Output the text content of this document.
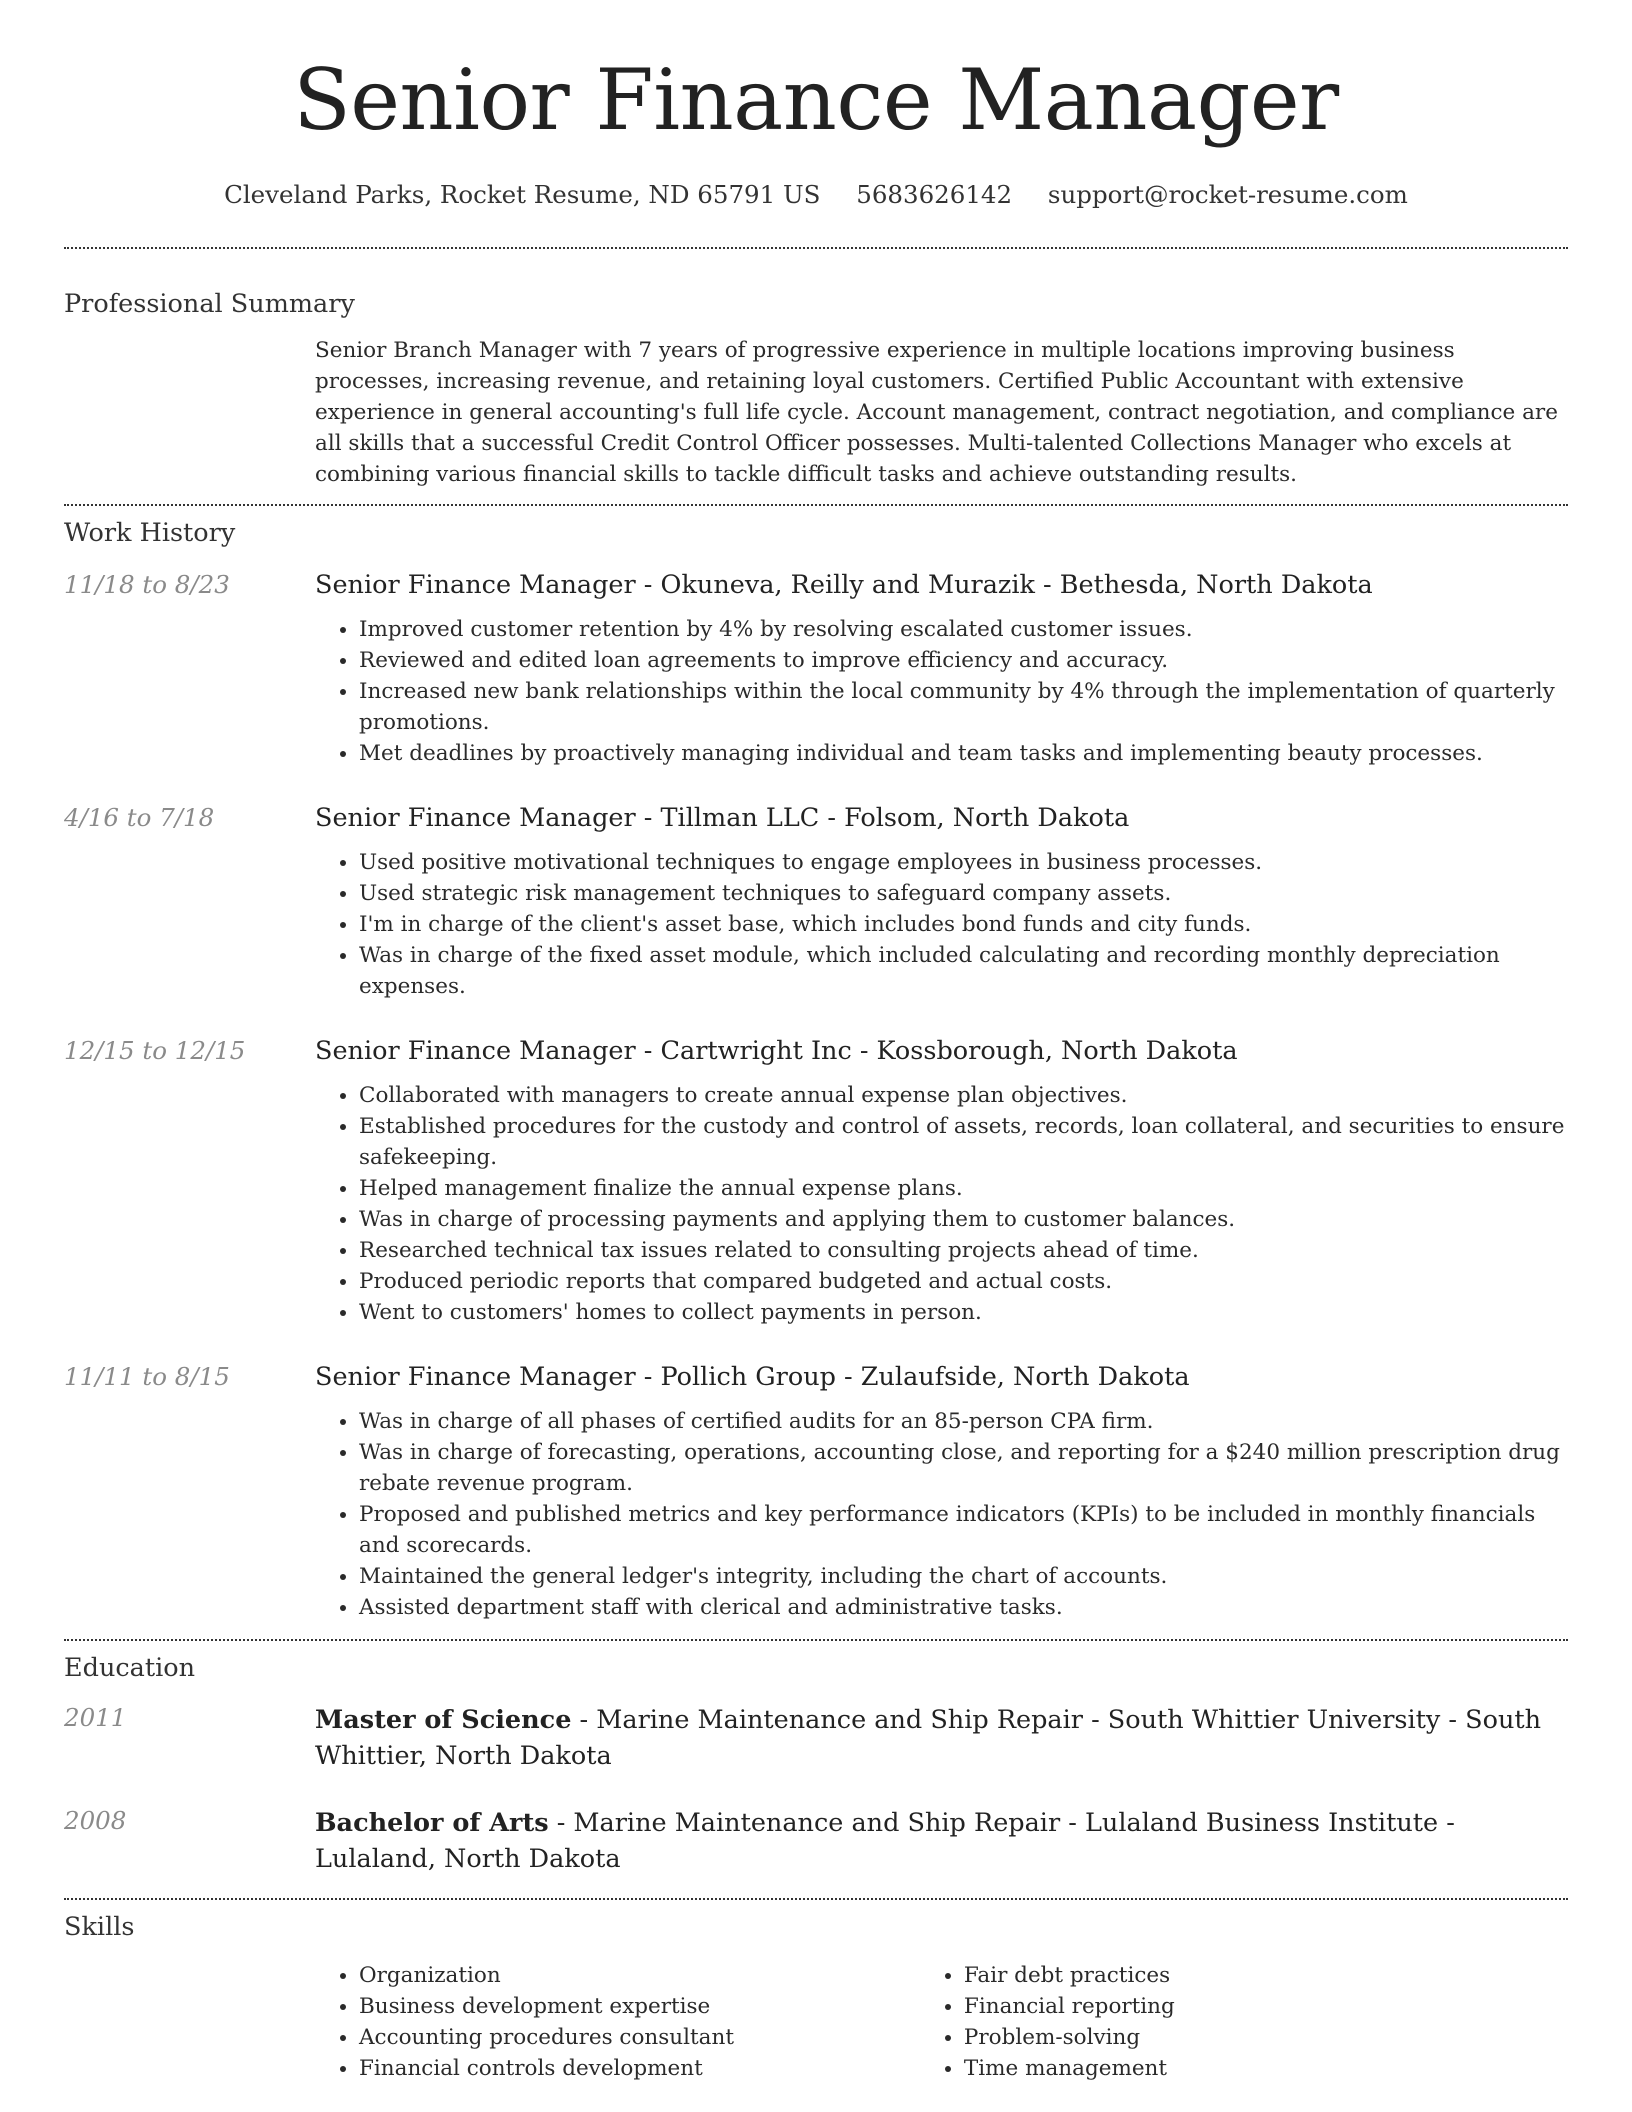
Senior Finance Manager
Cleveland Parks, Rocket Resume, ND 65791 US 5683626142 support@rocket-resume.com
Professional Summary

Senior Branch Manager with 7 years of progressive experience in multiple locations improving business processes, increasing revenue, and retaining loyal customers. Certified Public Accountant with extensive experience in general accounting's full life cycle. Account management, contract negotiation, and compliance are all skills that a successful Credit Control Officer possesses. Multi-talented Collections Manager who excels at combining various financial skills to tackle difficult tasks and achieve outstanding results.

Work History
11/18 to 8/23	Senior Finance Manager - Okuneva, Reilly and Murazik - Bethesda, North Dakota
• Improved customer retention by 4% by resolving escalated customer issues.
• Reviewed and edited loan agreements to improve efficiency and accuracy.
• Increased new bank relationships within the local community by 4% through the implementation of quarterly promotions.
• Met deadlines by proactively managing individual and team tasks and implementing beauty processes.
4/16 to 7/18	Senior Finance Manager - Tillman LLC - Folsom, North Dakota
• Used positive motivational techniques to engage employees in business processes.
• Used strategic risk management techniques to safeguard company assets.
• I'm in charge of the client's asset base, which includes bond funds and city funds.
• Was in charge of the fixed asset module, which included calculating and recording monthly depreciation expenses.
12/15 to 12/15	Senior Finance Manager - Cartwright Inc - Kossborough, North Dakota
• Collaborated with managers to create annual expense plan objectives.
• Established procedures for the custody and control of assets, records, loan collateral, and securities to ensure safekeeping.
• Helped management finalize the annual expense plans.
• Was in charge of processing payments and applying them to customer balances.
• Researched technical tax issues related to consulting projects ahead of time.
• Produced periodic reports that compared budgeted and actual costs.
• Went to customers' homes to collect payments in person.
11/11 to 8/15	Senior Finance Manager - Pollich Group - Zulaufside, North Dakota
• Was in charge of all phases of certified audits for an 85-person CPA firm.
• Was in charge of forecasting, operations, accounting close, and reporting for a $240 million prescription drug rebate revenue program.
• Proposed and published metrics and key performance indicators (KPIs) to be included in monthly financials and scorecards.
• Maintained the general ledger's integrity, including the chart of accounts.
• Assisted department staff with clerical and administrative tasks.
Education
2011	Master of Science - Marine Maintenance and Ship Repair - South Whittier University - South Whittier, North Dakota
2008	Bachelor of Arts - Marine Maintenance and Ship Repair - Lulaland Business Institute - Lulaland, North Dakota
Skills
• Organization
• Business development expertise
• Accounting procedures consultant
• Financial controls development
• Fair debt practices
• Financial reporting
• Problem-solving
• Time management
